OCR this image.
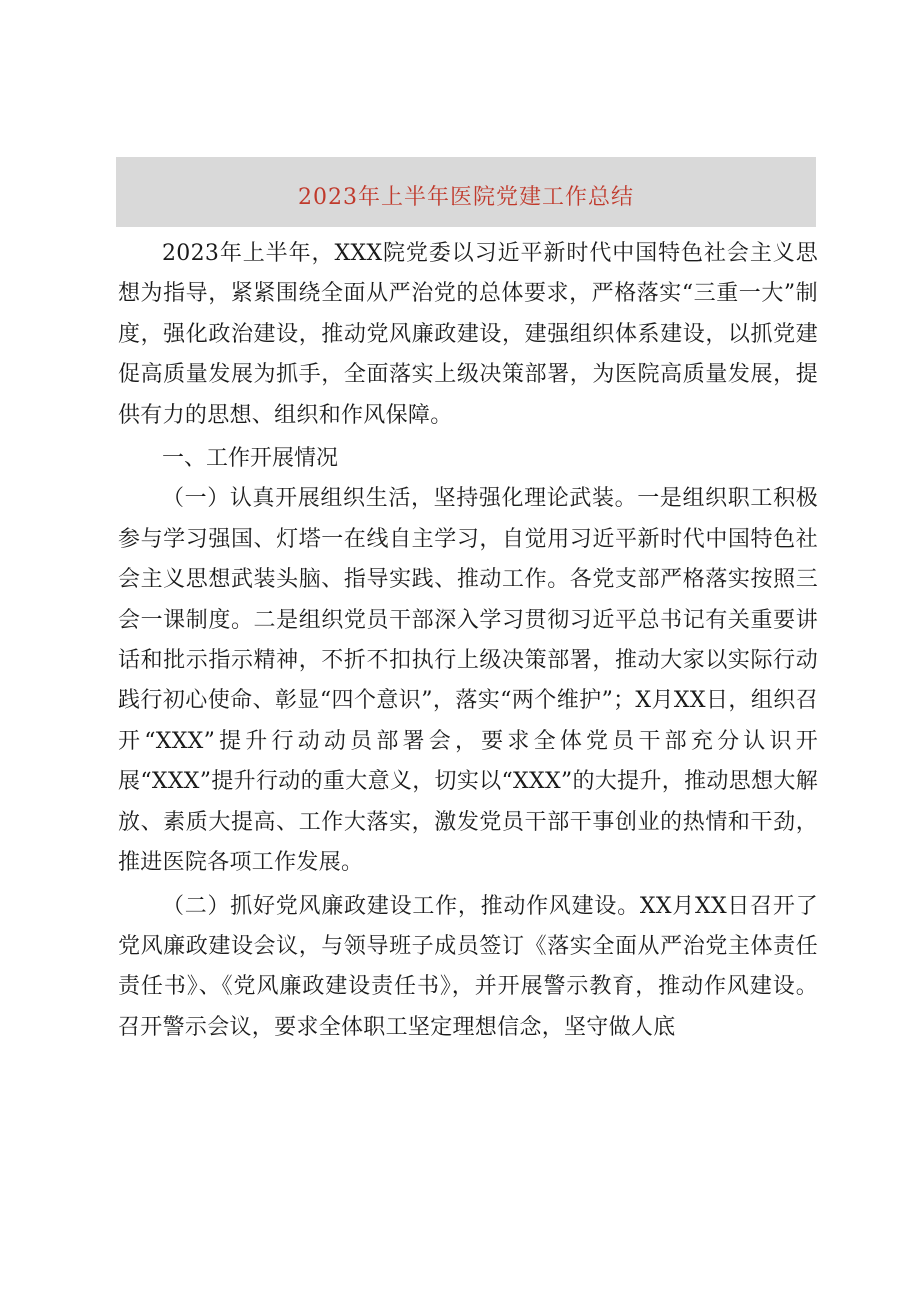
2023年上半年医院党建工作总结

2023年上半年，XXX院党委以习近平新时代中国特色社会主义思想为指导，紧紧围绕全面从严治党的总体要求，严格落实“三重一大”制度，强化政治建设，推动党风廉政建设，建强组织体系建设，以抓党建促高质量发展为抓手，全面落实上级决策部署，为医院高质量发展，提供有力的思想、组织和作风保障。

一、工作开展情况

（一）认真开展组织生活，坚持强化理论武装。一是组织职工积极参与学习强国、灯塔一在线自主学习，自觉用习近平新时代中国特色社会主义思想武装头脑、指导实践、推动工作。各党支部严格落实按照三会一课制度。二是组织党员干部深入学习贯彻习近平总书记有关重要讲话和批示指示精神，不折不扣执行上级决策部署，推动大家以实际行动践行初心使命、彰显“四个意识”，落实“两个维护”；X月XX日，组织召开“XXX”提升行动动员部署会，要求全体党员干部充分认识开展“XXX”提升行动的重大意义，切实以“XXX”的大提升，推动思想大解放、素质大提高、工作大落实，激发党员干部干事创业的热情和干劲，推进医院各项工作发展。

（二）抓好党风廉政建设工作，推动作风建设。XX月XX日召开了党风廉政建设会议，与领导班子成员签订《落实全面从严治党主体责任责任书》、《党风廉政建设责任书》，并开展警示教育，推动作风建设。召开警示会议，要求全体职工坚定理想信念，坚守做人底
